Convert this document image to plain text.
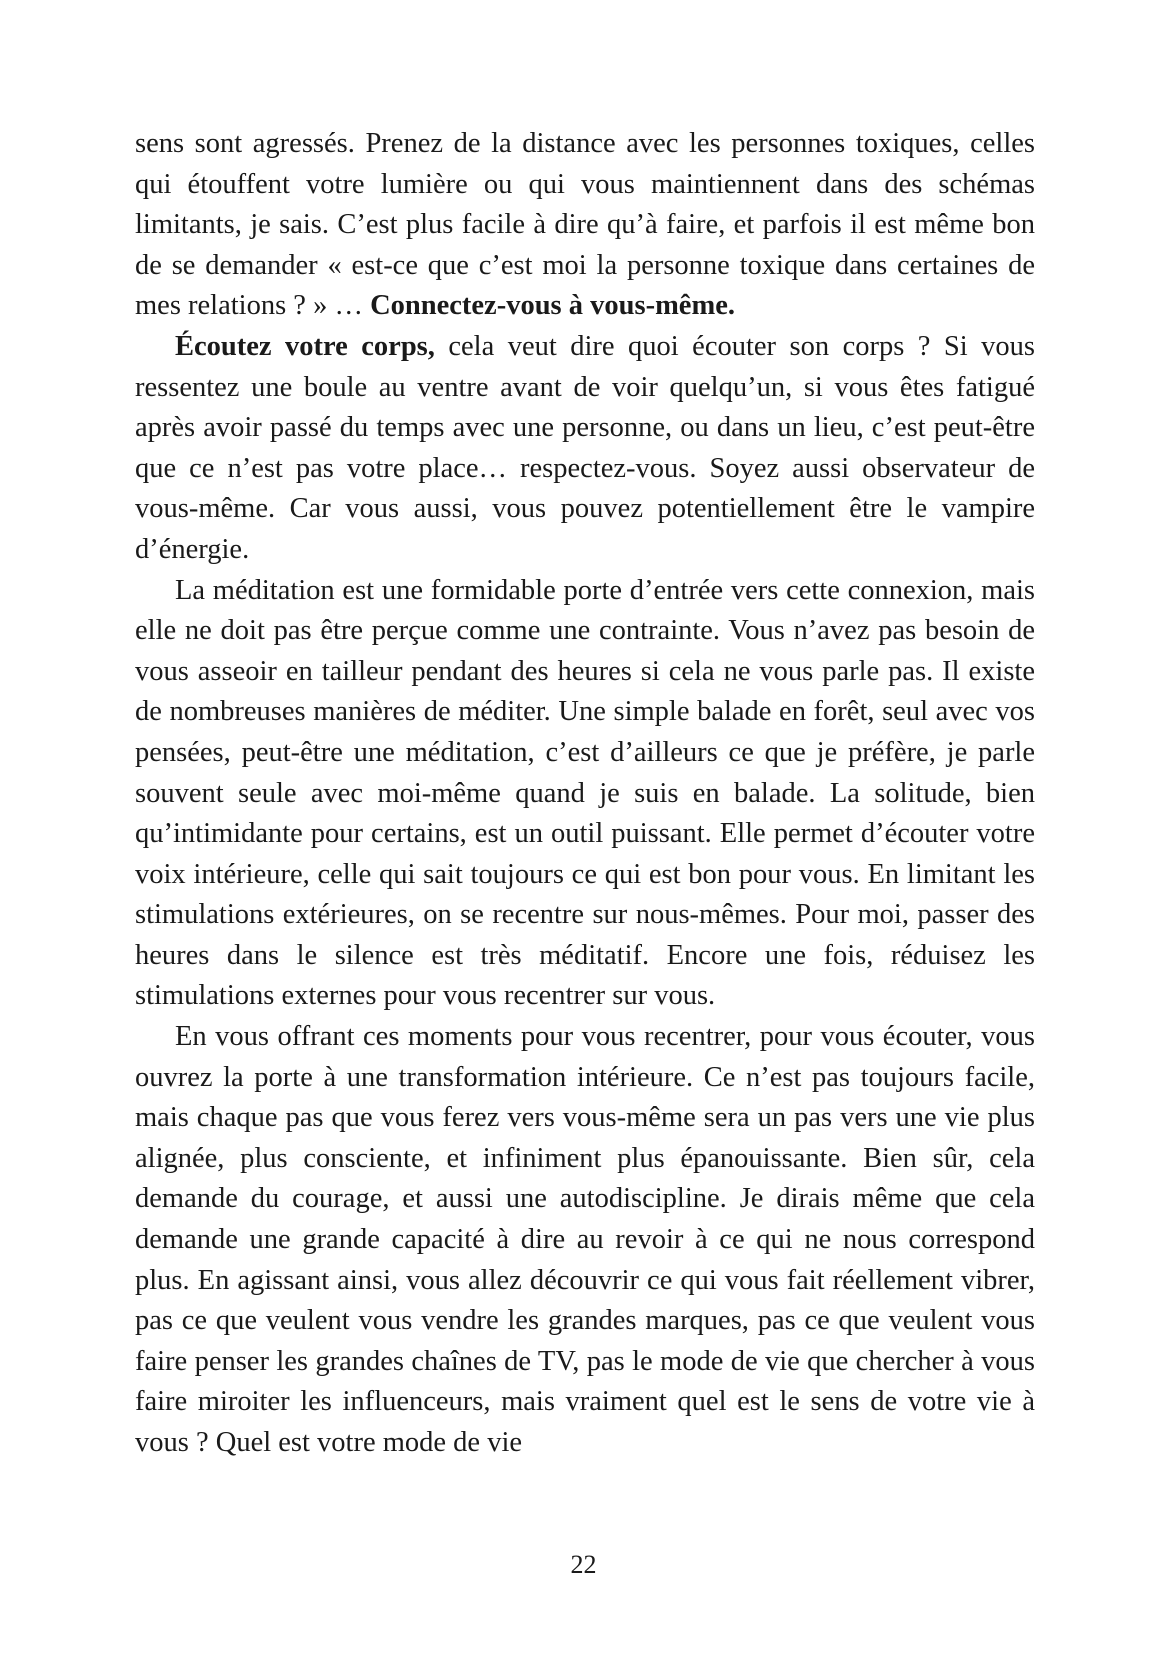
sens sont agressés. Prenez de la distance avec les personnes toxiques, celles qui étouffent votre lumière ou qui vous maintiennent dans des schémas limitants, je sais. C’est plus facile à dire qu’à faire, et parfois il est même bon de se demander « est-ce que c’est moi la personne toxique dans certaines de mes relations ? » … Connectez-vous à vous-même.

Écoutez votre corps, cela veut dire quoi écouter son corps ? Si vous ressentez une boule au ventre avant de voir quelqu’un, si vous êtes fatigué après avoir passé du temps avec une personne, ou dans un lieu, c’est peut-être que ce n’est pas votre place… respectez-vous. Soyez aussi observateur de vous-même. Car vous aussi, vous pouvez potentiellement être le vampire d’énergie.

La méditation est une formidable porte d’entrée vers cette connexion, mais elle ne doit pas être perçue comme une contrainte. Vous n’avez pas besoin de vous asseoir en tailleur pendant des heures si cela ne vous parle pas. Il existe de nombreuses manières de méditer. Une simple balade en forêt, seul avec vos pensées, peut-être une méditation, c’est d’ailleurs ce que je préfère, je parle souvent seule avec moi-même quand je suis en balade. La solitude, bien qu’intimidante pour certains, est un outil puissant. Elle permet d’écouter votre voix intérieure, celle qui sait toujours ce qui est bon pour vous. En limitant les stimulations extérieures, on se recentre sur nous-mêmes. Pour moi, passer des heures dans le silence est très méditatif. Encore une fois, réduisez les stimulations externes pour vous recentrer sur vous.

En vous offrant ces moments pour vous recentrer, pour vous écouter, vous ouvrez la porte à une transformation intérieure. Ce n’est pas toujours facile, mais chaque pas que vous ferez vers vous-même sera un pas vers une vie plus alignée, plus consciente, et infiniment plus épanouissante. Bien sûr, cela demande du courage, et aussi une autodiscipline. Je dirais même que cela demande une grande capacité à dire au revoir à ce qui ne nous correspond plus. En agissant ainsi, vous allez découvrir ce qui vous fait réellement vibrer, pas ce que veulent vous vendre les grandes marques, pas ce que veulent vous faire penser les grandes chaînes de TV, pas le mode de vie que chercher à vous faire miroiter les influenceurs, mais vraiment quel est le sens de votre vie à vous ? Quel est votre mode de vie

22
